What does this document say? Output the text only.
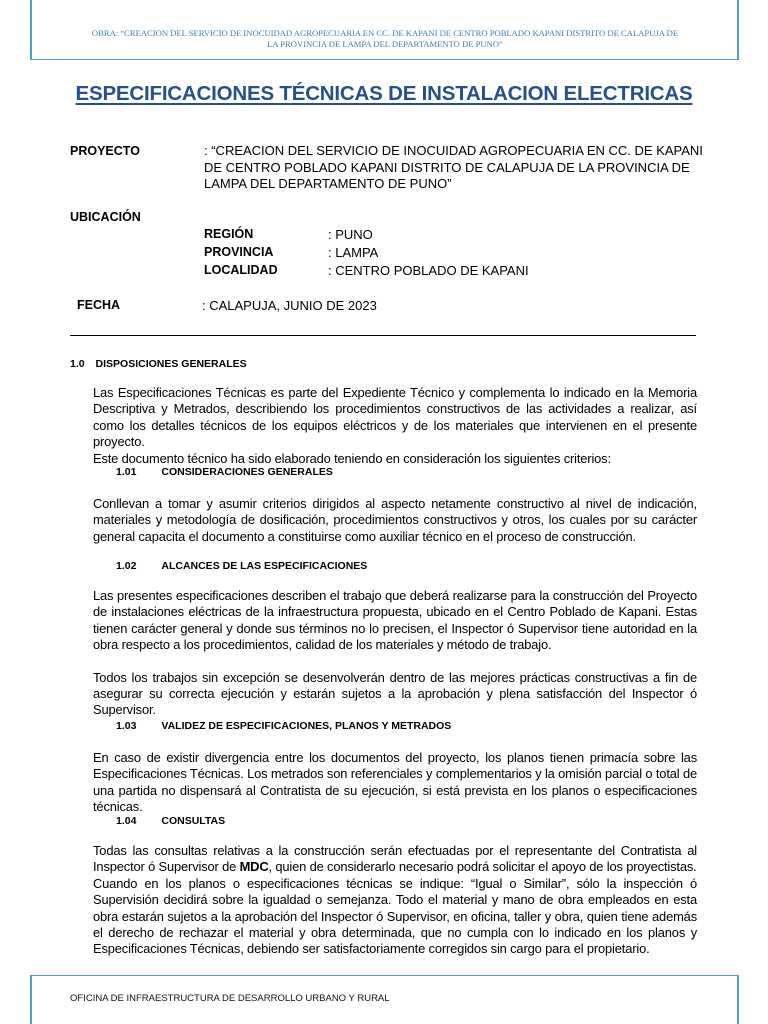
OBRA: “CREACION DEL SERVICIO DE INOCUIDAD AGROPECUARIA EN CC. DE KAPANI DE CENTRO POBLADO KAPANI DISTRITO DE CALAPUJA DE
LA PROVINCIA DE LAMPA DEL DEPARTAMENTO DE PUNO”
ESPECIFICACIONES TÉCNICAS DE INSTALACION ELECTRICAS
PROYECTO	: “CREACION DEL SERVICIO DE INOCUIDAD AGROPECUARIA EN CC. DE KAPANI DE CENTRO POBLADO KAPANI DISTRITO DE CALAPUJA DE LA PROVINCIA DE LAMPA DEL DEPARTAMENTO DE PUNO”
UBICACIÓN
REGIÓN	: PUNO
PROVINCIA	: LAMPA
LOCALIDAD	: CENTRO POBLADO DE KAPANI
FECHA	: CALAPUJA, JUNIO DE 2023
1.0 DISPOSICIONES GENERALES

Las Especificaciones Técnicas es parte del Expediente Técnico y complementa lo indicado en la Memoria Descriptiva y Metrados, describiendo los procedimientos constructivos de las actividades a realizar, así como los detalles técnicos de los equipos eléctricos y de los materiales que intervienen en el presente proyecto.

Este documento técnico ha sido elaborado teniendo en consideración los siguientes criterios:

1.01 CONSIDERACIONES GENERALES

Conllevan a tomar y asumir criterios dirigidos al aspecto netamente constructivo al nivel de indicación, materiales y metodología de dosificación, procedimientos constructivos y otros, los cuales por su carácter general capacita el documento a constituirse como auxiliar técnico en el proceso de construcción.

1.02 ALCANCES DE LAS ESPECIFICACIONES

Las presentes especificaciones describen el trabajo que deberá realizarse para la construcción del Proyecto de instalaciones eléctricas de la infraestructura propuesta, ubicado en el Centro Poblado de Kapani. Estas tienen carácter general y donde sus términos no lo precisen, el Inspector ó Supervisor tiene autoridad en la obra respecto a los procedimientos, calidad de los materiales y método de trabajo.

Todos los trabajos sin excepción se desenvolverán dentro de las mejores prácticas constructivas a fin de asegurar su correcta ejecución y estarán sujetos a la aprobación y plena satisfacción del Inspector ó Supervisor.

1.03 VALIDEZ DE ESPECIFICACIONES, PLANOS Y METRADOS

En caso de existir divergencia entre los documentos del proyecto, los planos tienen primacía sobre las Especificaciones Técnicas. Los metrados son referenciales y complementarios y la omisión parcial o total de una partida no dispensará al Contratista de su ejecución, si está prevista en los planos o especificaciones técnicas.

1.04 CONSULTAS

Todas las consultas relativas a la construcción serán efectuadas por el representante del Contratista al Inspector ó Supervisor de MDC, quien de considerarlo necesario podrá solicitar el apoyo de los proyectistas.

Cuando en los planos o especificaciones técnicas se indique: “Igual o Similar”, sólo la inspección ó Supervisión decidirá sobre la igualdad o semejanza. Todo el material y mano de obra empleados en esta obra estarán sujetos a la aprobación del Inspector ó Supervisor, en oficina, taller y obra, quien tiene además el derecho de rechazar el material y obra determinada, que no cumpla con lo indicado en los planos y Especificaciones Técnicas, debiendo ser satisfactoriamente corregidos sin cargo para el propietario.

OFICINA DE INFRAESTRUCTURA DE DESARROLLO URBANO Y RURAL
